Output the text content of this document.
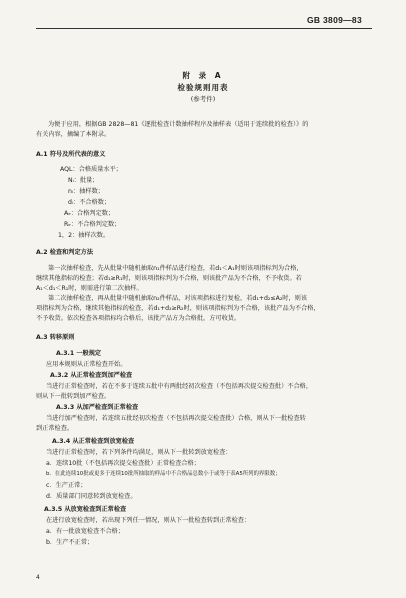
GB 3809—83
附 录 A
检验规则用表
(参考件)
为便于应用，根据GB 2828—81《逐批检查计数抽样程序及抽样表（适用于连续批的检查）》的
有关内容，摘编了本附录。
A.1 符号及所代表的意义
AQL：合格质量水平；
Nᵢ：批量；
nᵢ：抽样数；
dᵢ：不合格数；
Aₑ：合格判定数；
Rₑ：不合格判定数；
1，2：抽样次数。
A.2 检查和判定方法
第一次抽样检查，先从批量中随机抽取n₁件样品进行检查，若d₁＜A₁时则该项指标判为合格，
继续其他指标的检查；若d₁≥R₁时，则该项指标判为不合格，则该批产品为不合格，不予收货。若
A₁＜d₁＜R₁时，则需进行第二次抽样。
第二次抽样检查，再从批量中随机抽取n₂件样品，对该项指标进行复检，若d₁+d₂≤A₂时，则该
项指标判为合格，继续其他指标的检查，若d₁+d₂≥R₂时，则该项指标判为不合格，该批产品为不合格，
不予收货。依次检查各项指标均合格后，该批产品方为合格批，方可收货。
A.3 转移原则
A.3.1 一般规定
应用本规则从正常检查开始。
A.3.2 从正常检查到加严检查
当进行正常检查时，若在不多于连续五批中有两批经初次检查（不包括再次提交检查批）不合格，
则从下一批转到加严检查。
A.3.3 从加严检查到正常检查
当进行加严检查时，若连续五批经初次检查（不包括再次提交检查批）合格，则从下一批检查转
到正常检查。
A.3.4 从正常检查到放宽检查
当进行正常检查时，若下列条件均满足，则从下一批转到放宽检查：
a．连续10批（不包括再次提交检查批）正常检查合格；
b．在此连续10批或更多于连续10批所抽取的样品中不合格品总数小于或等于表A5所列的界限数；
c．生产正常；
d．质量部门同意转到放宽检查。
A.3.5 从放宽检查到正常检查
在进行放宽检查时，若出现下列任一情况，则从下一批检查转到正常检查：
a．有一批放宽检查不合格；
b．生产不正常；
4
